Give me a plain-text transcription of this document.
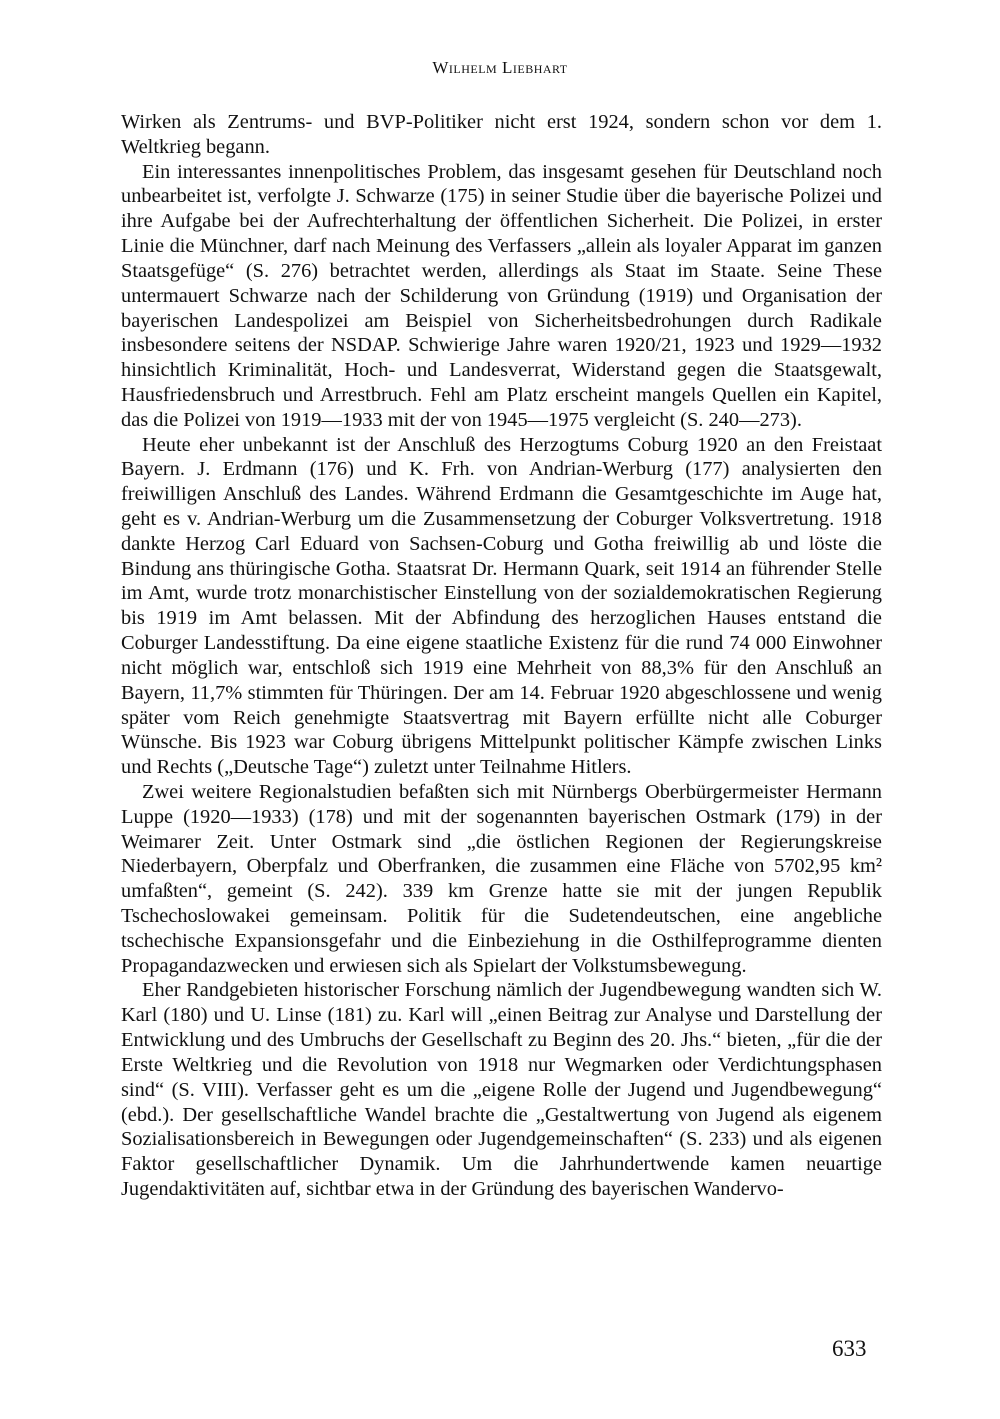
Wilhelm Liebhart

Wirken als Zentrums- und BVP-Politiker nicht erst 1924, sondern schon vor dem 1. Weltkrieg begann.

Ein interessantes innenpolitisches Problem, das insgesamt gesehen für Deutschland noch unbearbeitet ist, verfolgte J. Schwarze (175) in seiner Studie über die bayerische Polizei und ihre Aufgabe bei der Aufrechterhaltung der öffentlichen Sicherheit. Die Polizei, in erster Linie die Münchner, darf nach Meinung des Verfassers „allein als loyaler Apparat im ganzen Staatsgefüge“ (S. 276) betrachtet werden, allerdings als Staat im Staate. Seine These untermauert Schwarze nach der Schilderung von Gründung (1919) und Organisation der bayerischen Landespolizei am Beispiel von Sicherheitsbedrohungen durch Radikale insbesondere seitens der NSDAP. Schwierige Jahre waren 1920/21, 1923 und 1929—1932 hinsichtlich Kriminalität, Hoch- und Landesverrat, Widerstand gegen die Staatsgewalt, Hausfriedensbruch und Arrestbruch. Fehl am Platz erscheint mangels Quellen ein Kapitel, das die Polizei von 1919—1933 mit der von 1945—1975 vergleicht (S. 240—273).

Heute eher unbekannt ist der Anschluß des Herzogtums Coburg 1920 an den Freistaat Bayern. J. Erdmann (176) und K. Frh. von Andrian-Werburg (177) analysierten den freiwilligen Anschluß des Landes. Während Erdmann die Gesamtgeschichte im Auge hat, geht es v. Andrian-Werburg um die Zusammensetzung der Coburger Volksvertretung. 1918 dankte Herzog Carl Eduard von Sachsen-Coburg und Gotha freiwillig ab und löste die Bindung ans thüringische Gotha. Staatsrat Dr. Hermann Quark, seit 1914 an führender Stelle im Amt, wurde trotz monarchistischer Einstellung von der sozialdemokratischen Regierung bis 1919 im Amt belassen. Mit der Abfindung des herzoglichen Hauses entstand die Coburger Landesstiftung. Da eine eigene staatliche Existenz für die rund 74 000 Einwohner nicht möglich war, entschloß sich 1919 eine Mehrheit von 88,3% für den Anschluß an Bayern, 11,7% stimmten für Thüringen. Der am 14. Februar 1920 abgeschlossene und wenig später vom Reich genehmigte Staatsvertrag mit Bayern erfüllte nicht alle Coburger Wünsche. Bis 1923 war Coburg übrigens Mittelpunkt politischer Kämpfe zwischen Links und Rechts („Deutsche Tage“) zuletzt unter Teilnahme Hitlers.

Zwei weitere Regionalstudien befaßten sich mit Nürnbergs Oberbürgermeister Hermann Luppe (1920—1933) (178) und mit der sogenannten bayerischen Ostmark (179) in der Weimarer Zeit. Unter Ostmark sind „die östlichen Regionen der Regierungskreise Niederbayern, Oberpfalz und Oberfranken, die zusammen eine Fläche von 5702,95 km² umfaßten“, gemeint (S. 242). 339 km Grenze hatte sie mit der jungen Republik Tschechoslowakei gemeinsam. Politik für die Sudetendeutschen, eine angebliche tschechische Expansionsgefahr und die Einbeziehung in die Osthilfeprogramme dienten Propagandazwecken und erwiesen sich als Spielart der Volkstumsbewegung.

Eher Randgebieten historischer Forschung nämlich der Jugendbewegung wandten sich W. Karl (180) und U. Linse (181) zu. Karl will „einen Beitrag zur Analyse und Darstellung der Entwicklung und des Umbruchs der Gesellschaft zu Beginn des 20. Jhs.“ bieten, „für die der Erste Weltkrieg und die Revolution von 1918 nur Wegmarken oder Verdichtungsphasen sind“ (S. VIII). Verfasser geht es um die „eigene Rolle der Jugend und Jugendbewegung“ (ebd.). Der gesellschaftliche Wandel brachte die „Gestaltwertung von Jugend als eigenem Sozialisationsbereich in Bewegungen oder Jugendgemeinschaften“ (S. 233) und als eigenen Faktor gesellschaftlicher Dynamik. Um die Jahrhundertwende kamen neuartige Jugendaktivitäten auf, sichtbar etwa in der Gründung des bayerischen Wandervo-

633
